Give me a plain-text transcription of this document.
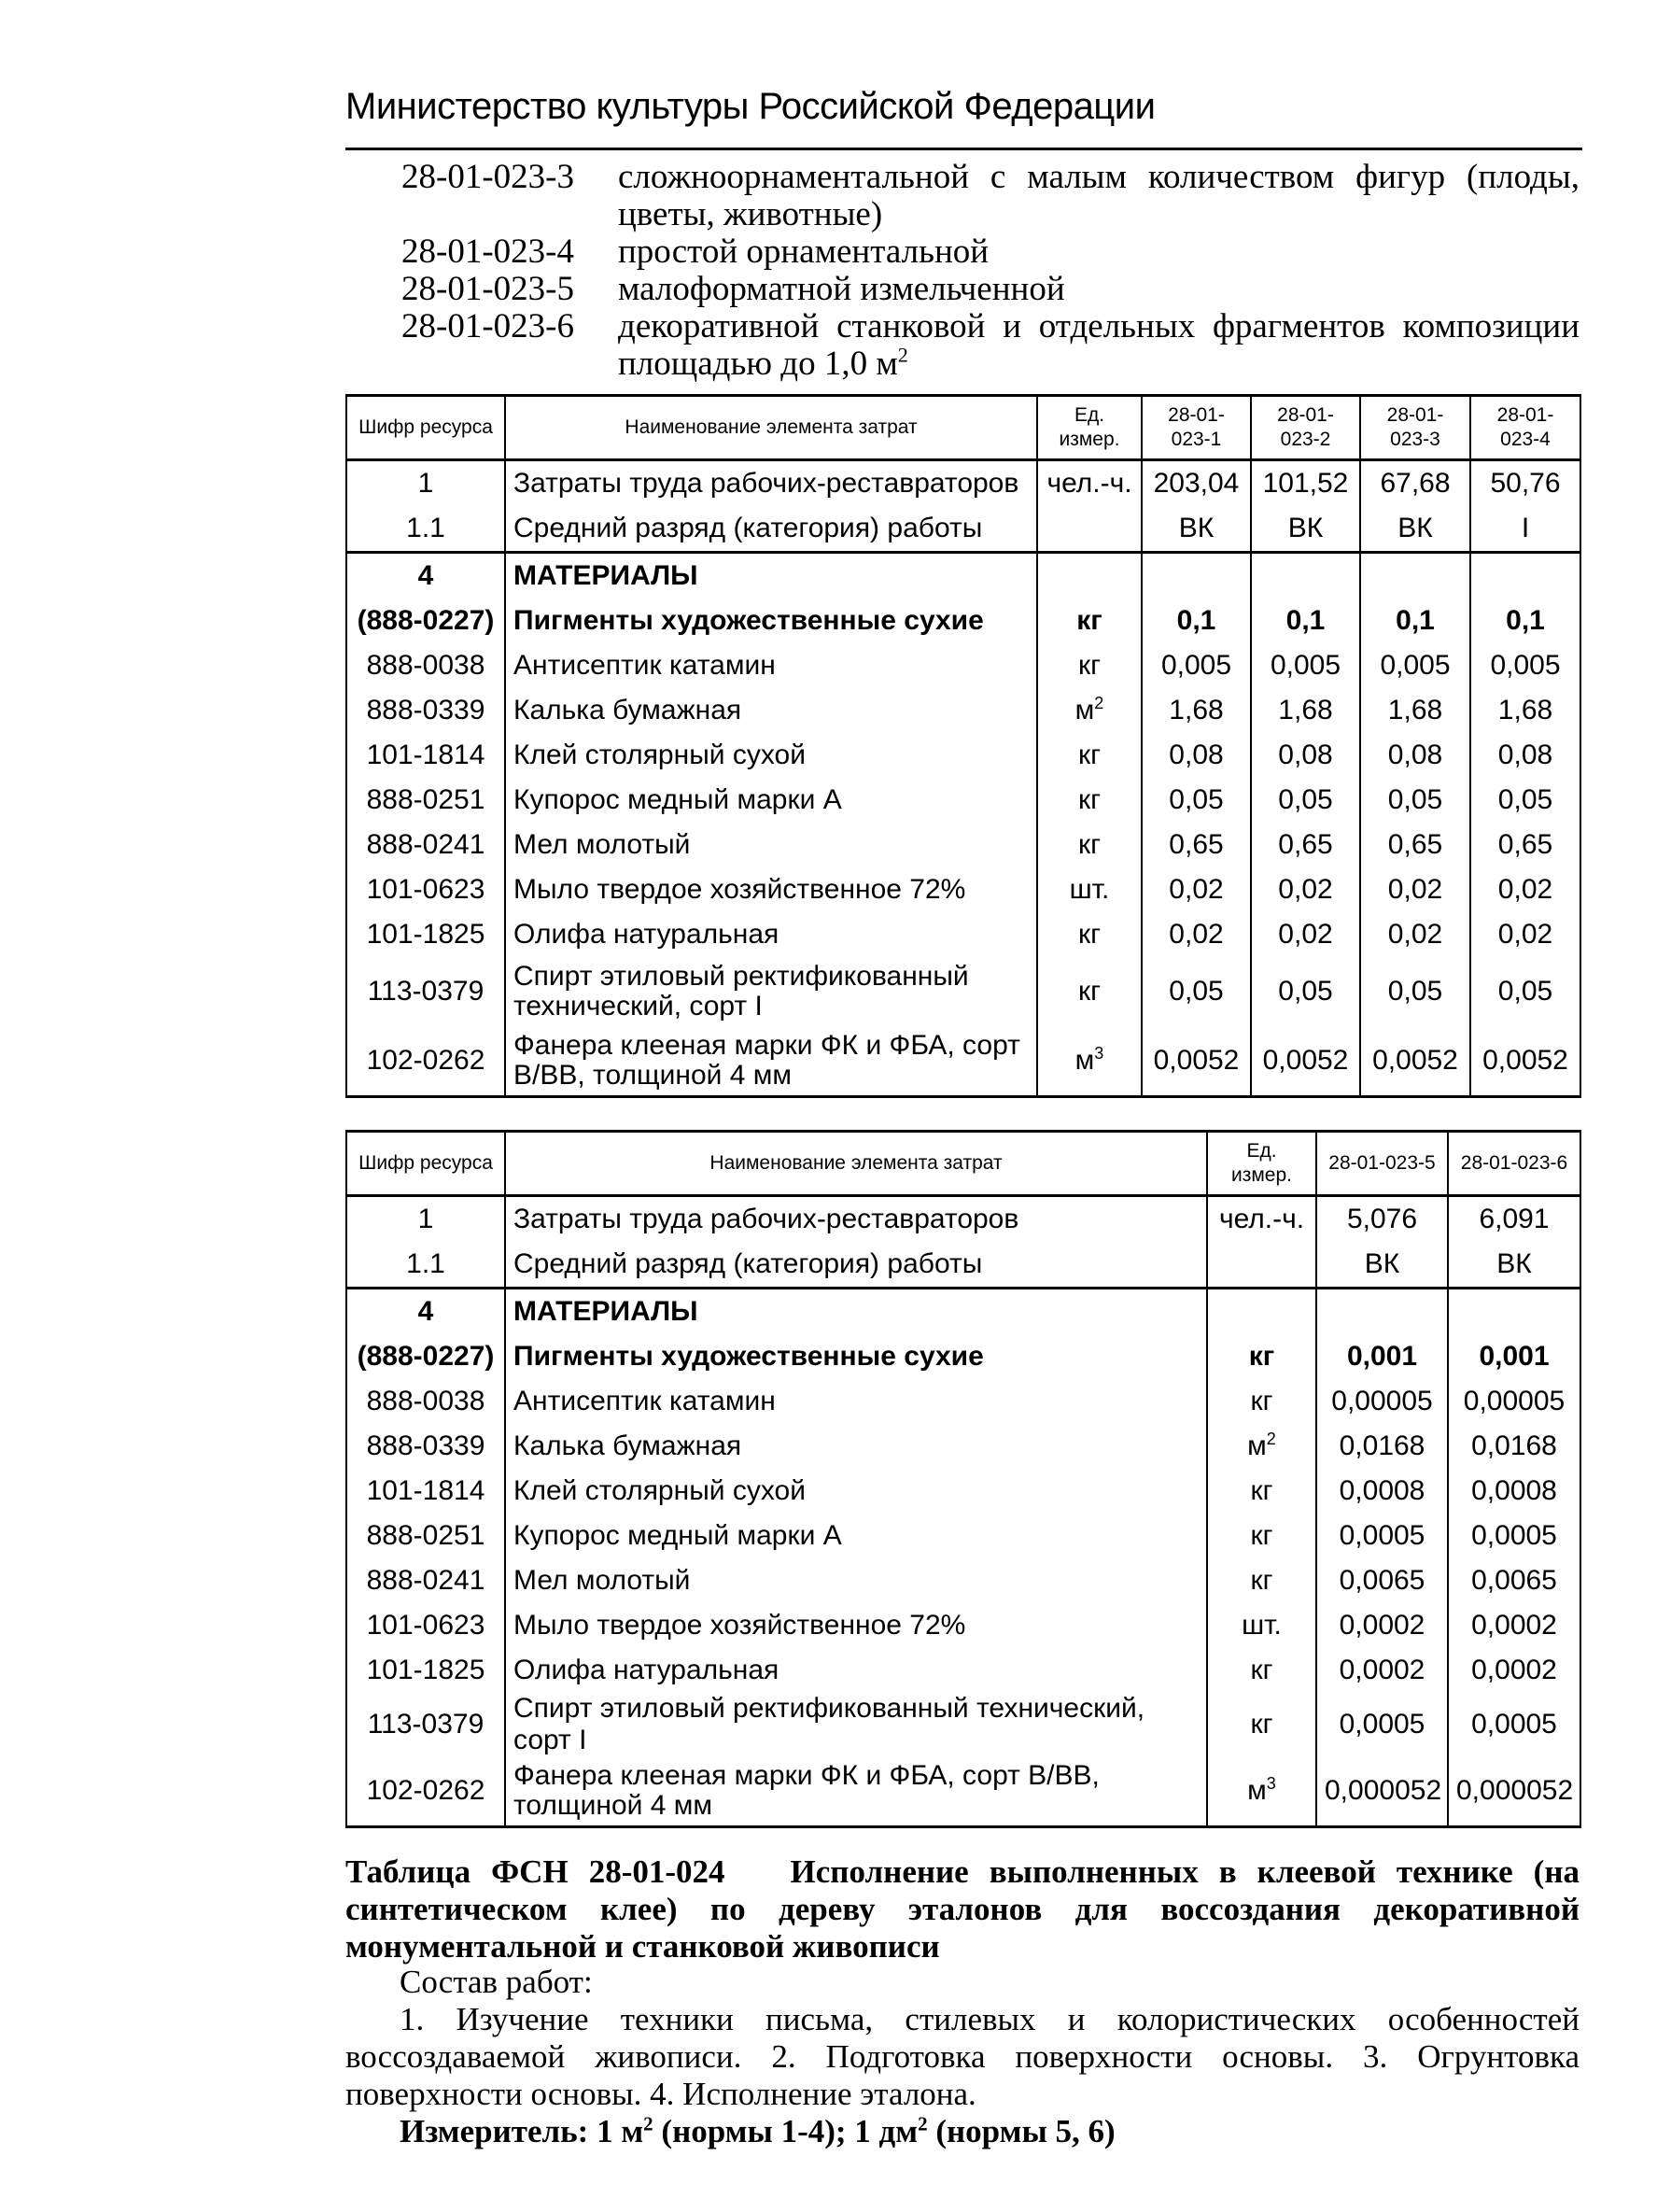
Министерство культуры Российской Федерации
28-01-023-3	сложноорнаментальной с малым количеством фигур (плоды, цветы, животные)
28-01-023-4	простой орнаментальной
28-01-023-5	малоформатной измельченной
28-01-023-6	декоративной станковой и отдельных фрагментов композиции площадью до 1,0 $м^2$
Шифр ресурса	Наименование элемента затрат	Ед. измер.	28-01-023-1	28-01-023-2	28-01-023-3	28-01-023-4
1	Затраты труда рабочих-реставраторов	чел.-ч.	203,04	101,52	67,68	50,76
1.1	Средний разряд (категория) работы		ВК	ВК	ВК	I
4	МАТЕРИАЛЫ					
(888-0227)	Пигменты художественные сухие	кг	0,1	0,1	0,1	0,1
888-0038	Антисептик катамин	кг	0,005	0,005	0,005	0,005
888-0339	Калька бумажная	$м^2$	1,68	1,68	1,68	1,68
101-1814	Клей столярный сухой	кг	0,08	0,08	0,08	0,08
888-0251	Купорос медный марки А	кг	0,05	0,05	0,05	0,05
888-0241	Мел молотый	кг	0,65	0,65	0,65	0,65
101-0623	Мыло твердое хозяйственное 72%	шт.	0,02	0,02	0,02	0,02
101-1825	Олифа натуральная	кг	0,02	0,02	0,02	0,02
113-0379	Спирт этиловый ректификованный технический, сорт I	кг	0,05	0,05	0,05	0,05
102-0262	Фанера клееная марки ФК и ФБА, сорт В/ВВ, толщиной 4 мм	$м^3$	0,0052	0,0052	0,0052	0,0052
Шифр ресурса	Наименование элемента затрат	Ед. измер.	28-01-023-5	28-01-023-6
1	Затраты труда рабочих-реставраторов	чел.-ч.	5,076	6,091
1.1	Средний разряд (категория) работы		ВК	ВК
4	МАТЕРИАЛЫ			
(888-0227)	Пигменты художественные сухие	кг	0,001	0,001
888-0038	Антисептик катамин	кг	0,00005	0,00005
888-0339	Калька бумажная	$м^2$	0,0168	0,0168
101-1814	Клей столярный сухой	кг	0,0008	0,0008
888-0251	Купорос медный марки А	кг	0,0005	0,0005
888-0241	Мел молотый	кг	0,0065	0,0065
101-0623	Мыло твердое хозяйственное 72%	шт.	0,0002	0,0002
101-1825	Олифа натуральная	кг	0,0002	0,0002
113-0379	Спирт этиловый ректификованный технический, сорт I	кг	0,0005	0,0005
102-0262	Фанера клееная марки ФК и ФБА, сорт В/ВВ, толщиной 4 мм	$м^3$	0,000052	0,000052
Таблица ФСН 28-01-024 Исполнение выполненных в клеевой технике (на синтетическом клее) по дереву эталонов для воссоздания декоративной монументальной и станковой живописи

Состав работ:

1. Изучение техники письма, стилевых и колористических особенностей воссоздаваемой живописи. 2. Подготовка поверхности основы. 3. Огрунтовка поверхности основы. 4. Исполнение эталона.

Измеритель: 1 $м^2$ (нормы 1-4); 1 $дм^2$ (нормы 5, 6)
